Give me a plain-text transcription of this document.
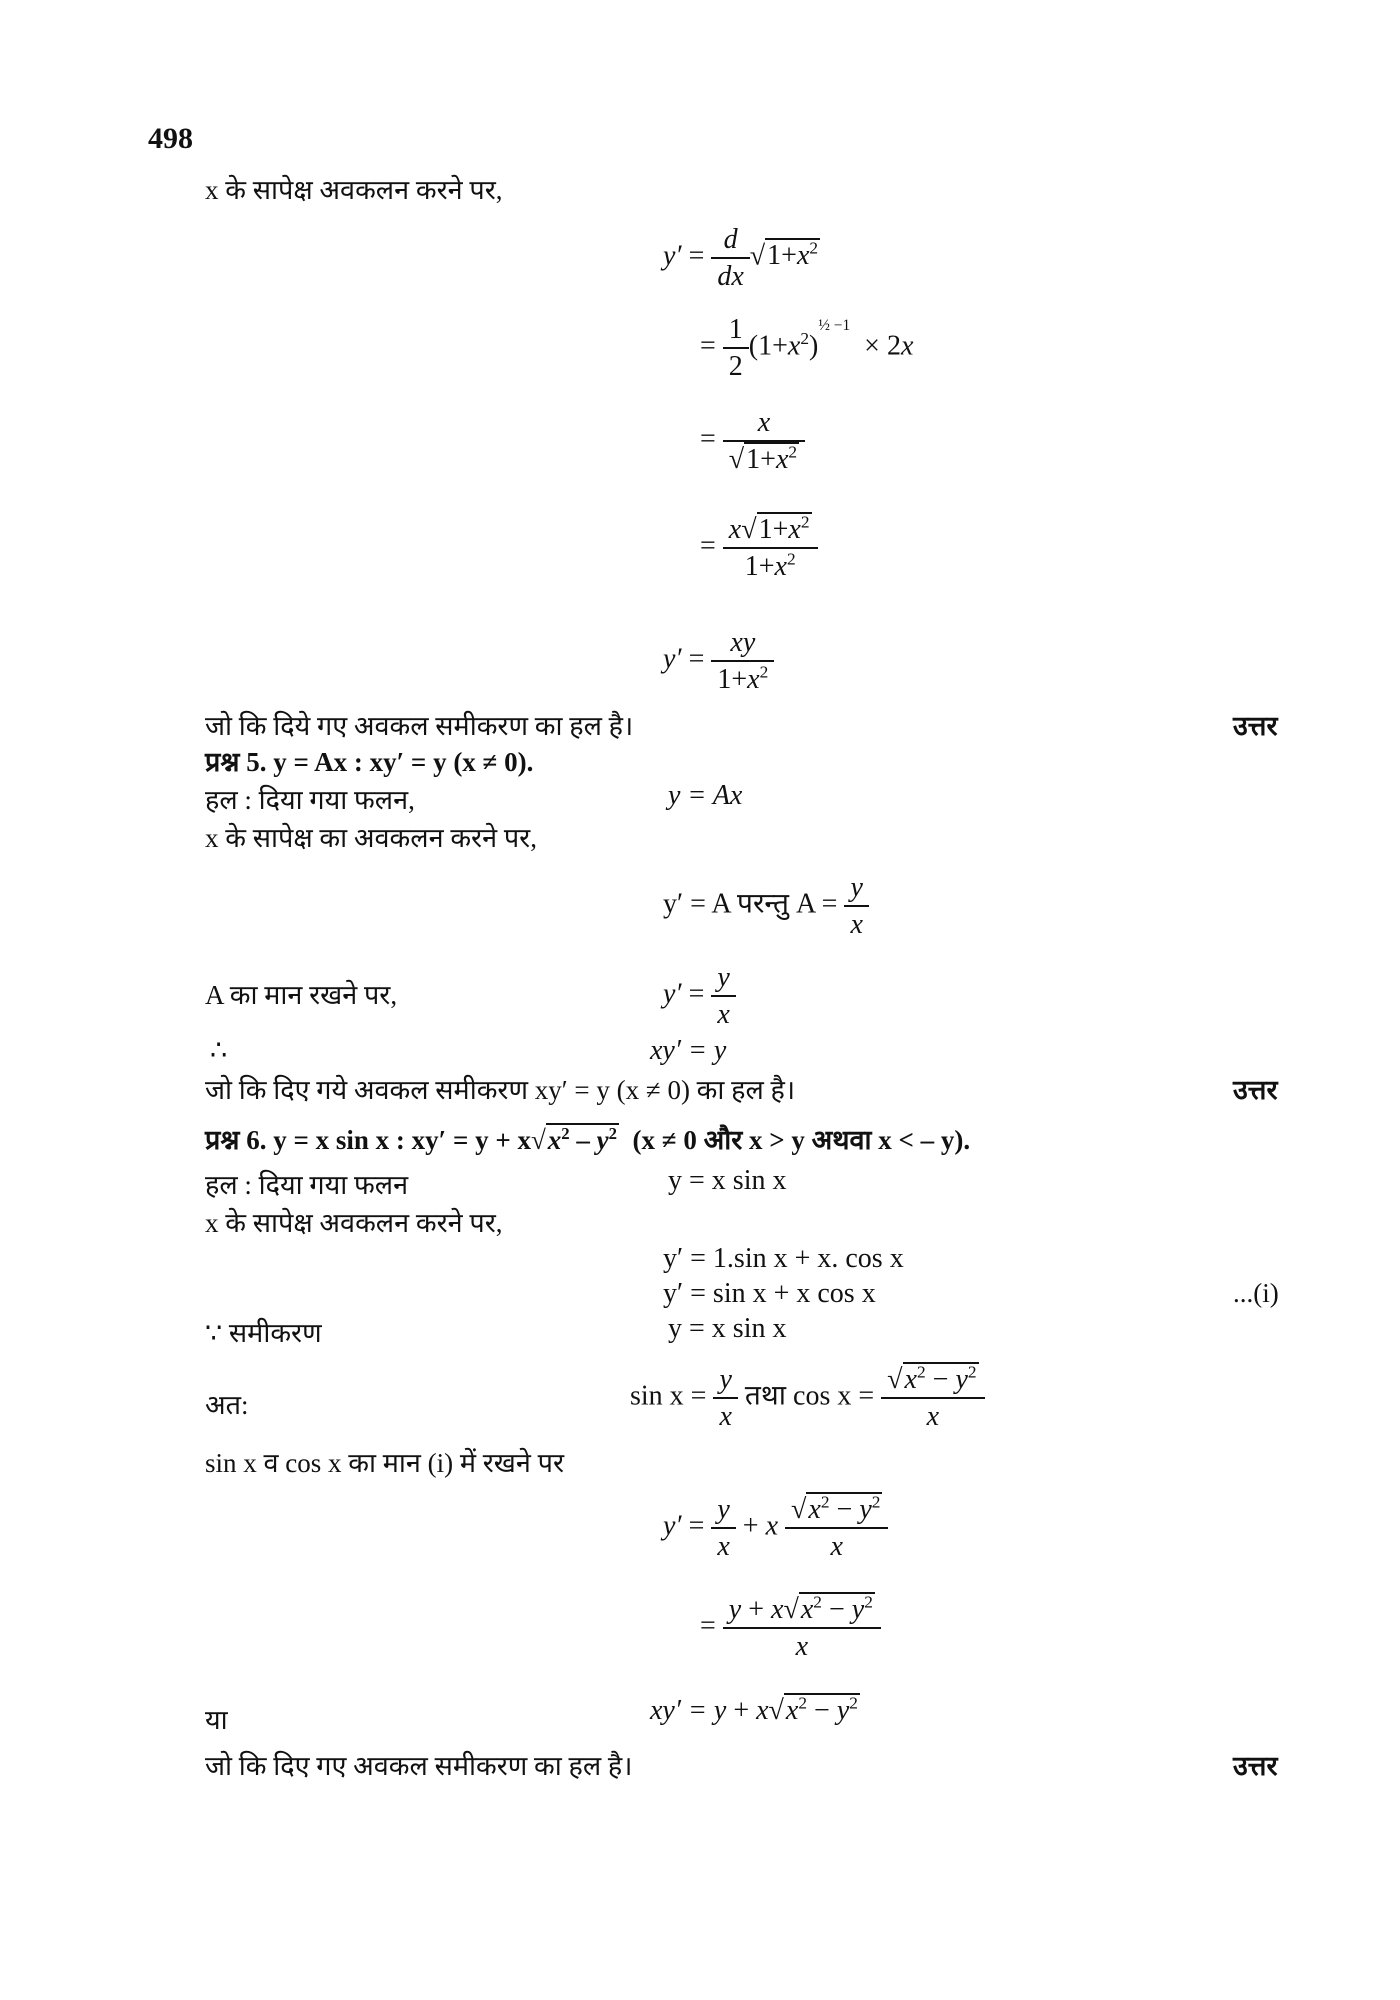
498
x के सापेक्ष अवकलन करने पर,
$y' = \frac{d}{dx} √1+x^2$
= $\frac{1}{2} (1+x^2)^{\frac{1}{2} -1} \times 2x$
= $\frac{x}{√1+x^2}$
= $\frac{x√1+x^2}{1+x^2}$
$y' = \frac{xy}{1+x^2}$
जो कि दिये गए अवकल समीकरण का हल है।	उत्तर
प्रश्न 5. y = Ax : xy′ = y (x ≠ 0).
हल : दिया गया फलन,	y = Ax
x के सापेक्ष का अवकलन करने पर,
y′ = A परन्तु $A = \frac{y}{x}$
A का मान रखने पर,	$y' = \frac{y}{x}$
∴	xy′ = y
जो कि दिए गये अवकल समीकरण xy′ = y (x ≠ 0) का हल है।	उत्तर
प्रश्न 6. y = x sin x : $xy' = y + x√x^2 - y^2$ (x ≠ 0 और x > y अथवा x < – y).
हल : दिया गया फलन	y = x sin x
x के सापेक्ष अवकलन करने पर,
y′ = 1.sin x + x. cos x
y′ = sin x + x cos x	...(i)
∵ समीकरण	y = x sin x
अत:	$\sin x = \frac{y}{x}$ तथा $\cos x = \frac{√x^2 - y^2}{x}$
sin x व cos x का मान (i) में रखने पर
$y' = \frac{y}{x} + x \frac{√x^2 - y^2}{x}$
= $\frac{y + x√x^2 - y^2}{x}$
या	$xy' = y + x√x^2 - y^2$
जो कि दिए गए अवकल समीकरण का हल है।	उत्तर
